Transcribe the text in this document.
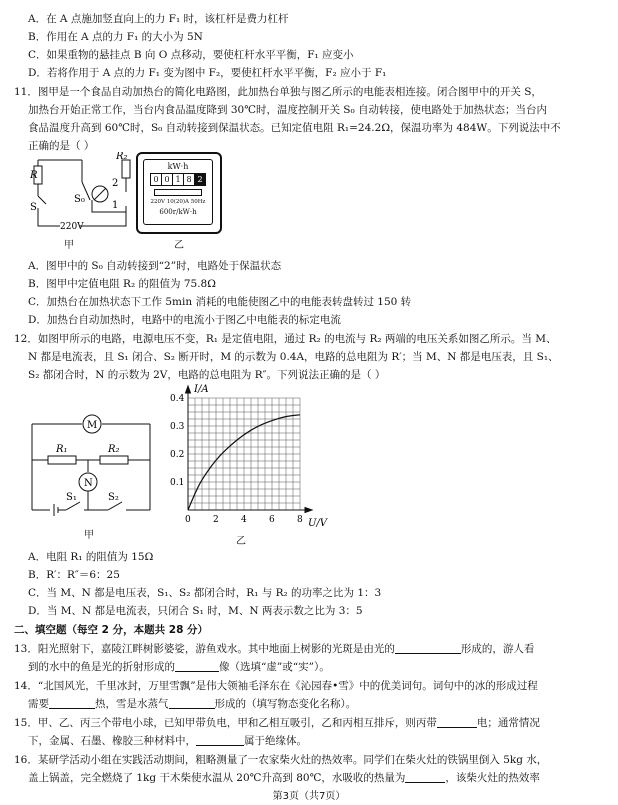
A．在 A 点施加竖直向上的力 F₁ 时，该杠杆是费力杠杆
B．作用在 A 点的力 F₁ 的大小为 5N
C．如果重物的悬挂点 B 向 O 点移动，要使杠杆水平平衡，F₁ 应变小
D．若将作用于 A 点的力 F₁ 变为图中 F₂，要使杠杆水平平衡，F₂ 应小于 F₁
11．图甲是一个食品自动加热台的简化电路图，此加热台单独与图乙所示的电能表相连接。闭合图甲中的开关 S，
加热台开始正常工作，当台内食品温度降到 30℃时，温度控制开关 S₀ 自动转接，使电路处于加热状态；当台内
食品温度升高到 60℃时，S₀ 自动转接到保温状态。已知定值电阻 R₁=24.2Ω，保温功率为 484W。下列说法中不
正确的是（ ）
R
R₂
S
S₀
2
1
220V
甲
kW·h
0 0 1 8 2
220V 10(20)A 50Hz
600r/kW·h
乙
A．图甲中的 S₀ 自动转接到“2”时，电路处于保温状态
B．图甲中定值电阻 R₂ 的阻值为 75.8Ω
C．加热台在加热状态下工作 5min 消耗的电能使图乙中的电能表转盘转过 150 转
D．加热台自动加热时，电路中的电流小于图乙中电能表的标定电流
12．如图甲所示的电路，电源电压不变，R₁ 是定值电阻，通过 R₂ 的电流与 R₂ 两端的电压关系如图乙所示。当 M、
N 都是电流表，且 S₁ 闭合、S₂ 断开时，M 的示数为 0.4A，电路的总电阻为 R′；当 M、N 都是电压表，且 S₁、
S₂ 都闭合时，N 的示数为 2V，电路的总电阻为 R″。下列说法正确的是（ ）
M
N
R₁	R₂
S₁	S₂
甲
0 2 4 6 8
0.1
0.2
0.3
0.4
I/A
U/V
乙
A．电阻 R₁ 的阻值为 15Ω
B．R′：R″＝6：25
C．当 M、N 都是电压表，S₁、S₂ 都闭合时，R₁ 与 R₂ 的功率之比为 1：3
D．当 M、N 都是电流表，只闭合 S₁ 时，M、N 两表示数之比为 3：5
二、填空题（每空 2 分，本题共 28 分）
13．阳光照射下，嘉陵江畔树影婆娑，游鱼戏水。其中地面上树影的光斑是由光的	形成的，游人看
到的水中的鱼是光的折射形成的	像（选填“虚”或“实”）。
14．“北国风光，千里冰封，万里雪飘”是伟大领袖毛泽东在《沁园春•雪》中的优美词句。词句中的冰的形成过程
需要	热，雪是水蒸气	形成的（填写物态变化名称）。
15．甲、乙、丙三个带电小球，已知甲带负电，甲和乙相互吸引，乙和丙相互排斥，则丙带	电；通常情况
下，金属、石墨、橡胶三种材料中，	属于绝缘体。
16．某研学活动小组在实践活动期间，粗略测量了一农家柴火灶的热效率。同学们在柴火灶的铁锅里倒入 5kg 水，
盖上锅盖，完全燃烧了 1kg 干木柴使水温从 20℃升高到 80℃，水吸收的热量为	，该柴火灶的热效率
第3页（共7页）
